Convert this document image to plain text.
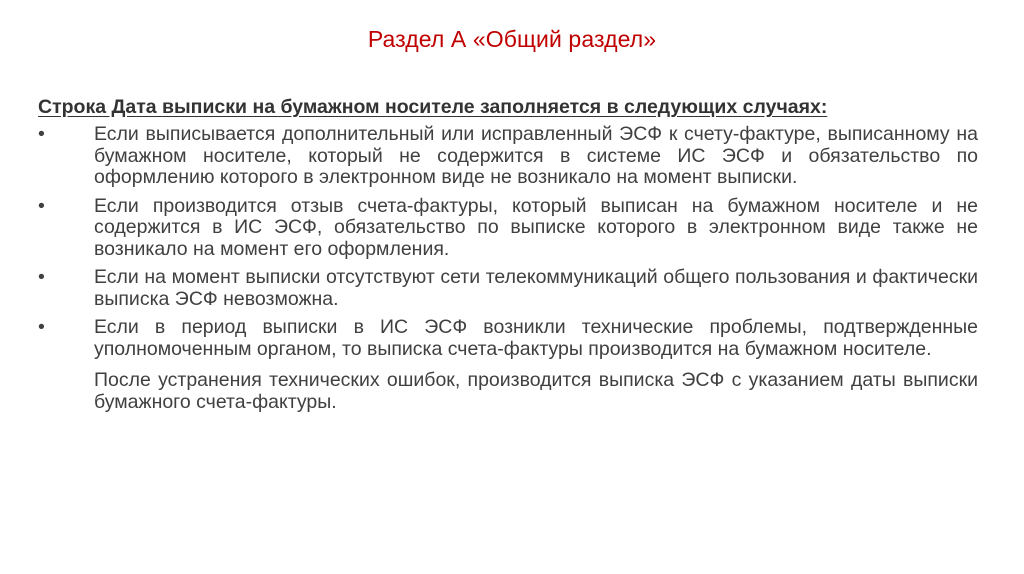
Раздел А «Общий раздел»
Строка Дата выписки на бумажном носителе заполняется в следующих случаях:
•	Если выписывается дополнительный или исправленный ЭСФ к счету-фактуре, выписанному на бумажном носителе, который не содержится в системе ИС ЭСФ и обязательство по оформлению которого в электронном виде не возникало на момент выписки.
•	Если производится отзыв счета-фактуры, который выписан на бумажном носителе и не содержится в ИС ЭСФ, обязательство по выписке которого в электронном виде также не возникало на момент его оформления.
•	Если на момент выписки отсутствуют сети телекоммуникаций общего пользования и фактически выписка ЭСФ невозможна.
•	Если в период выписки в ИС ЭСФ возникли технические проблемы, подтвержденные уполномоченным органом, то выписка счета-фактуры производится на бумажном носителе.
После устранения технических ошибок, производится выписка ЭСФ с указанием даты выписки бумажного счета-фактуры.
